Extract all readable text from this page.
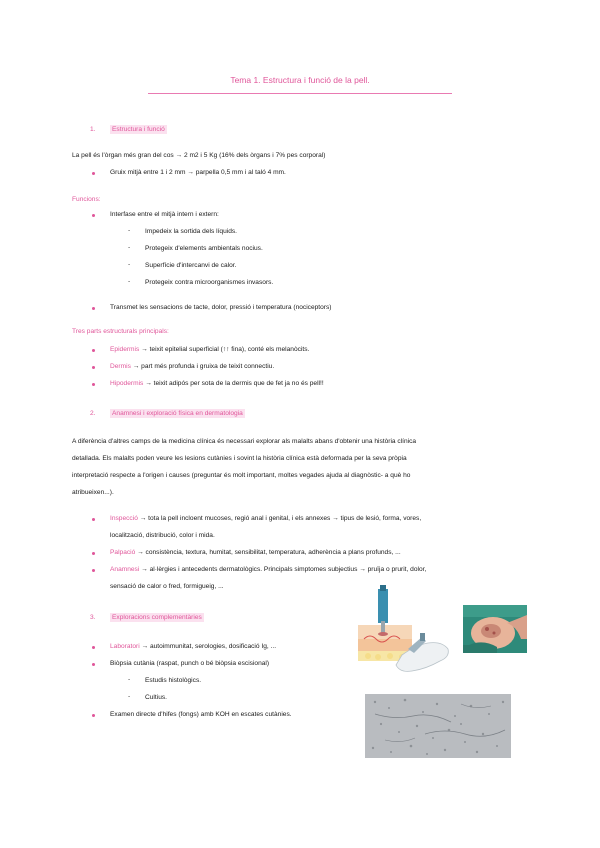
Tema 1. Estructura i funció de la pell.
1.	Estructura i funció
La pell és l'òrgan més gran del cos → 2 m2 i 5 Kg (16% dels òrgans i 7% pes corporal)
Gruix mitjà entre 1 i 2 mm → parpella 0,5 mm i al taló 4 mm.
Funcions:
Interfase entre el mitjà intern i extern:
- Impedeix la sortida dels líquids.
- Protegeix d'elements ambientals nocius.
- Superfície d'intercanvi de calor.
- Protegeix contra microorganismes invasors.
Transmet les sensacions de tacte, dolor, pressió i temperatura (nociceptors)
Tres parts estructurals principals:
Epidermis → teixit epitelial superficial (↑↑ fina), conté els melanòcits.
Dermis → part més profunda i gruixa de teixit connectiu.
Hipodermis → teixit adipós per sota de la dermis que de fet ja no és pell!!
2.	Anamnesi i exploració física en dermatologia
A diferència d'altres camps de la medicina clínica és necessari explorar als malalts abans d'obtenir una història clínica
detallada. Els malalts poden veure les lesions cutànies i sovint la història clínica està deformada per la seva pròpia
interpretació respecte a l'origen i causes (preguntar és molt important, moltes vegades ajuda al diagnòstic- a què ho
atribueixen...).
Inspecció → tota la pell incloent mucoses, regió anal i genital, i els annexes → tipus de lesió, forma, vores,
localització, distribució, color i mida.
Palpació → consistència, textura, humitat, sensibilitat, temperatura, adherència a plans profunds, ...
Anamnesi → al·lèrgies i antecedents dermatològics. Principals simptomes subjectius → pruïja o prurit, dolor,
sensació de calor o fred, formigueig, ...
3.	Exploracions complementàries
Laboratori → autoimmunitat, serologies, dosificació Ig, ...
Biòpsia cutània (raspat, punch o bé biòpsia escisional)
- Estudis histològics.
- Cultius.
Examen directe d'hifes (fongs) amb KOH en escates cutànies.
